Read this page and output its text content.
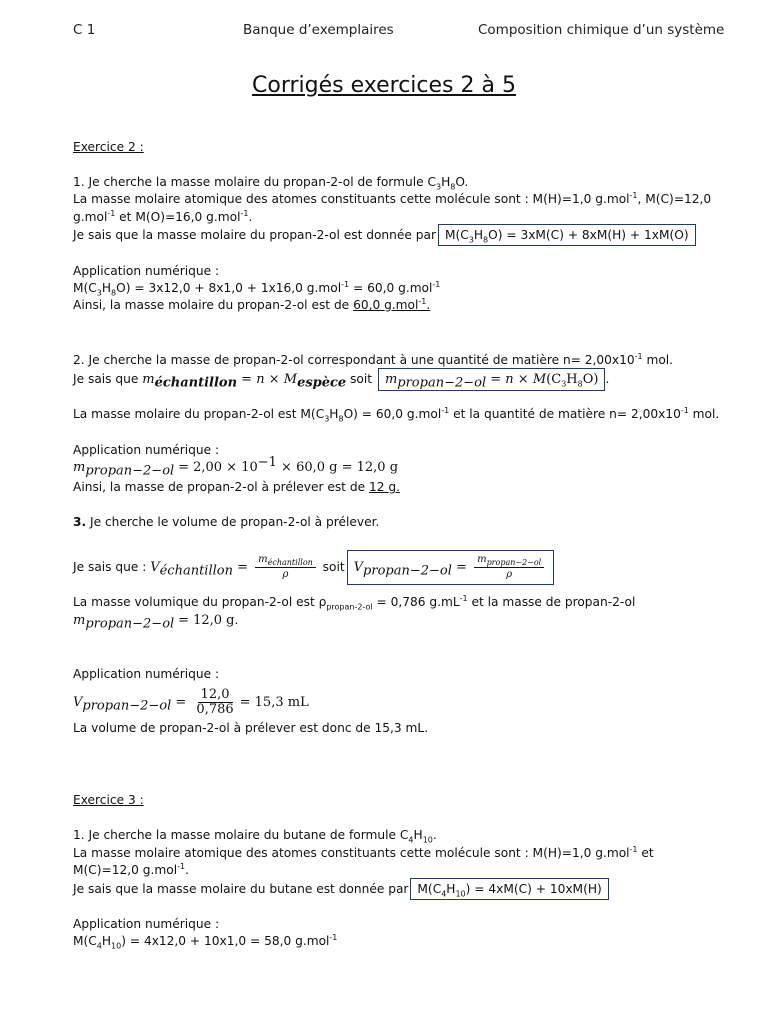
C 1	Banque d’exemplaires	Composition chimique d’un système
Corrigés exercices 2 à 5
Exercice 2 :
1. Je cherche la masse molaire du propan-2-ol de formule $C_3H_8O$.
La masse molaire atomique des atomes constituants cette molécule sont : M(H)=1,0 g.mol$^{-1}$, M(C)=12,0
g.mol$^{-1}$ et M(O)=16,0 g.mol$^{-1}$.
Je sais que la masse molaire du propan-2-ol est donnée par $M(C_3H_8O) = 3xM(C) + 8xM(H) + 1xM(O)$
Application numérique :
$M(C_3H_8O) = 3x12,0 + 8x1,0 + 1x16,0$ g.mol$^{-1}$ = 60,0 g.mol$^{-1}$
Ainsi, la masse molaire du propan-2-ol est de 60,0 g.mol$^{-1}$.
2. Je cherche la masse de propan-2-ol correspondant à une quantité de matière $n= 2,00x10^{-1}$ mol.
Je sais que $m_{échantillon} = n \times M_{espèce}$ soit $m_{propan-2-ol} = n \times M(C_3H_8O)$ .
La masse molaire du propan-2-ol est $M(C_3H_8O) = 60,0$ g.mol$^{-1}$ et la quantité de matière $n= 2,00x10^{-1}$ mol.
Application numérique :
$m_{propan-2-ol} = 2,00 \times 10^{-1} \times 60,0$ g = 12,0 g
Ainsi, la masse de propan-2-ol à prélever est de 12 g.
3. Je cherche le volume de propan-2-ol à prélever.
Je sais que : $V_{échantillon} = \frac{m_{échantillon}}{\rho}$ soit $V_{propan-2-ol} = \frac{m_{propan-2-ol}}{\rho}$
La masse volumique du propan-2-ol est $\rho_{propan-2-ol} = 0,786$ $g.mL^{-1}$ et la masse de propan-2-ol
$m_{propan-2-ol} = 12,0$ g.
Application numérique :
$V_{propan-2-ol} = \frac{12,0}{0,786} = 15,3$ mL
La volume de propan-2-ol à prélever est donc de 15,3 mL.
Exercice 3 :
1. Je cherche la masse molaire du butane de formule $C_4H_{10}$.
La masse molaire atomique des atomes constituants cette molécule sont : M(H)=1,0 g.mol$^{-1}$ et
M(C)=12,0 g.mol$^{-1}$.
Je sais que la masse molaire du butane est donnée par $M(C_4H_{10}) = 4xM(C) + 10xM(H)$
Application numérique :
$M(C_4H_{10}) = 4x12,0 + 10x1,0 = 58,0$ g.mol$^{-1}$
